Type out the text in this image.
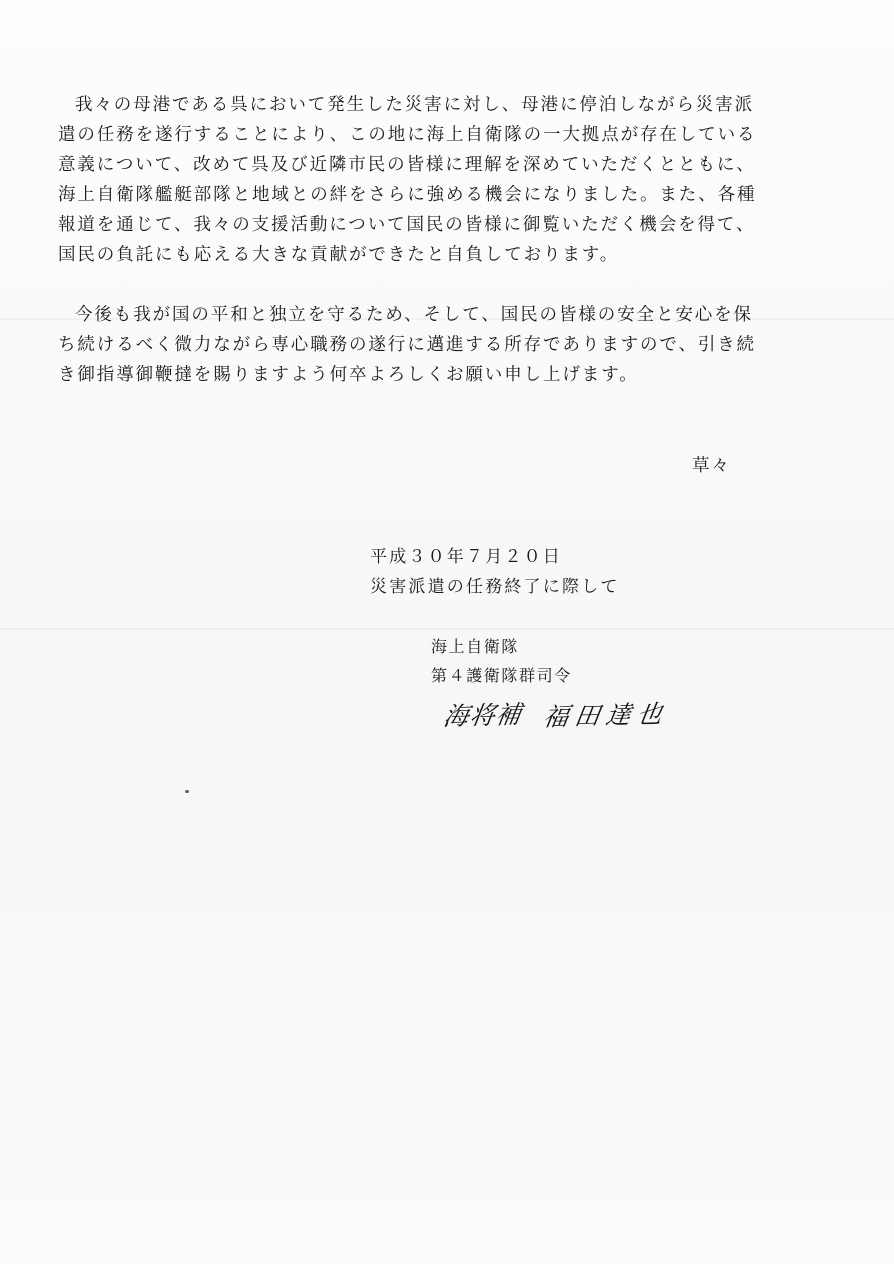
我々の母港である呉において発生した災害に対し、母港に停泊しながら災害派
遣の任務を遂行することにより、この地に海上自衛隊の一大拠点が存在している
意義について、改めて呉及び近隣市民の皆様に理解を深めていただくとともに、
海上自衛隊艦艇部隊と地域との絆をさらに強める機会になりました。また、各種
報道を通じて、我々の支援活動について国民の皆様に御覧いただく機会を得て、
国民の負託にも応える大きな貢献ができたと自負しております。

今後も我が国の平和と独立を守るため、そして、国民の皆様の安全と安心を保
ち続けるべく微力ながら専心職務の遂行に邁進する所存でありますので、引き続
き御指導御鞭撻を賜りますよう何卒よろしくお願い申し上げます。

草々
平成３０年７月２０日
災害派遣の任務終了に際して
海上自衛隊
第４護衛隊群司令
海将補 福田達也
